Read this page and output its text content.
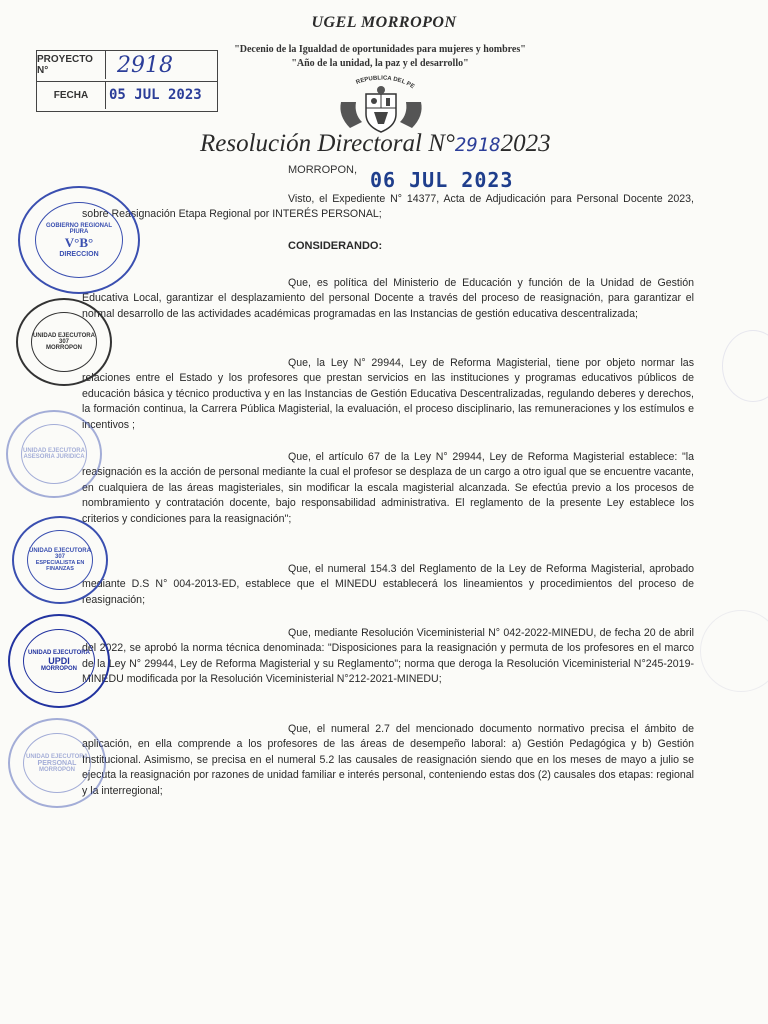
UGEL MORROPON
"Decenio de la Igualdad de oportunidades para mujeres y hombres"
"Año de la unidad, la paz y el desarrollo"
REPUBLICA DEL PE
PROYECTO N°	2918
FECHA	05 JUL 2023
Resolución Directoral N°29182023
MORROPON, 06 JUL 2023
Visto, el Expediente N° 14377, Acta de Adjudicación para Personal Docente 2023, sobre Reasignación Etapa Regional por INTERÉS PERSONAL;
CONSIDERANDO:
Que, es política del Ministerio de Educación y función de la Unidad de Gestión Educativa Local, garantizar el desplazamiento del personal Docente a través del proceso de reasignación, para garantizar el normal desarrollo de las actividades académicas programadas en las Instancias de gestión educativa descentralizada;
Que, la Ley N° 29944, Ley de Reforma Magisterial, tiene por objeto normar las relaciones entre el Estado y los profesores que prestan servicios en las instituciones y programas educativos públicos de educación básica y técnico productiva y en las Instancias de Gestión Educativa Descentralizadas, regulando deberes y derechos, la formación continua, la Carrera Pública Magisterial, la evaluación, el proceso disciplinario, las remuneraciones y los estímulos e incentivos ;
Que, el artículo 67 de la Ley N° 29944, Ley de Reforma Magisterial establece: "la reasignación es la acción de personal mediante la cual el profesor se desplaza de un cargo a otro igual que se encuentre vacante, en cualquiera de las áreas magisteriales, sin modificar la escala magisterial alcanzada. Se efectúa previo a los procesos de nombramiento y contratación docente, bajo responsabilidad administrativa. El reglamento de la presente Ley establece los criterios y condiciones para la reasignación";
Que, el numeral 154.3 del Reglamento de la Ley de Reforma Magisterial, aprobado mediante D.S N° 004-2013-ED, establece que el MINEDU establecerá los lineamientos y procedimientos del proceso de reasignación;
Que, mediante Resolución Viceministerial N° 042-2022-MINEDU, de fecha 20 de abril del 2022, se aprobó la norma técnica denominada: "Disposiciones para la reasignación y permuta de los profesores en el marco de la Ley N° 29944, Ley de Reforma Magisterial y su Reglamento"; norma que deroga la Resolución Viceministerial N°245-2019-MINEDU modificada por la Resolución Viceministerial N°212-2021-MINEDU;
Que, el numeral 2.7 del mencionado documento normativo precisa el ámbito de aplicación, en ella comprende a los profesores de las áreas de desempeño laboral: a) Gestión Pedagógica y b) Gestión Institucional. Asimismo, se precisa en el numeral 5.2 las causales de reasignación siendo que en los meses de mayo a julio se ejecuta la reasignación por razones de unidad familiar e interés personal, conteniendo estas dos (2) causales dos etapas: regional y la interregional;
GOBIERNO REGIONAL PIURA
V°B°
DIRECCION
UNIDAD EJECUTORA 307
MORROPON
UNIDAD EJECUTORA
ASESORIA JURIDICA
UNIDAD EJECUTORA 307
ESPECIALISTA EN FINANZAS
UNIDAD EJECUTORA
UPDI
MORROPON
UNIDAD EJECUTORA
PERSONAL
MORROPON
